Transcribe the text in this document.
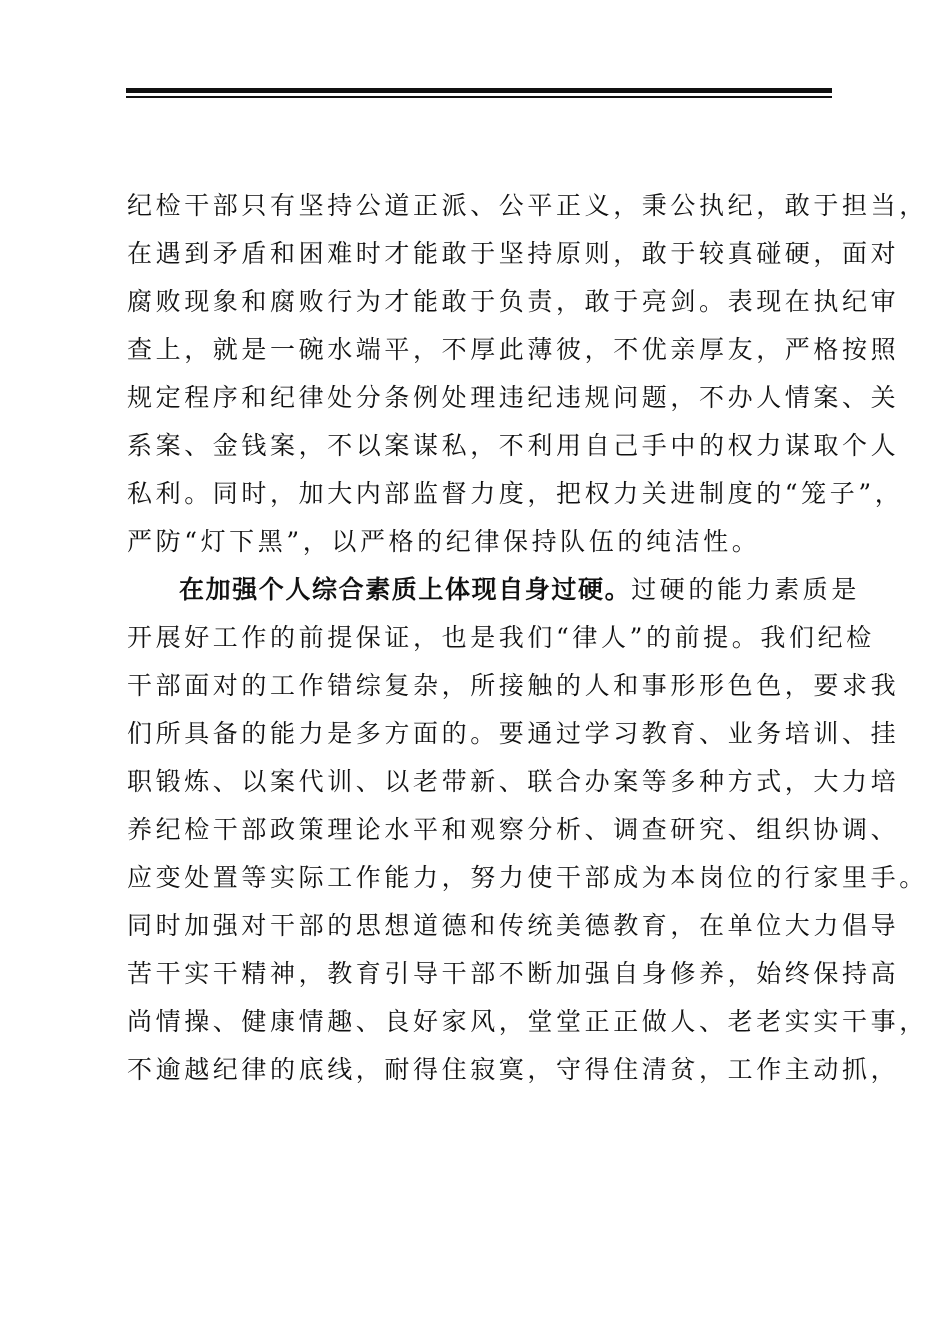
纪检干部只有坚持公道正派、公平正义，秉公执纪，敢于担当，
在遇到矛盾和困难时才能敢于坚持原则，敢于较真碰硬，面对
腐败现象和腐败行为才能敢于负责，敢于亮剑。表现在执纪审
查上，就是一碗水端平，不厚此薄彼，不优亲厚友，严格按照
规定程序和纪律处分条例处理违纪违规问题，不办人情案、关
系案、金钱案，不以案谋私，不利用自己手中的权力谋取个人
私利。同时，加大内部监督力度，把权力关进制度的“笼子”，
严防“灯下黑”，以严格的纪律保持队伍的纯洁性。
在加强个人综合素质上体现自身过硬。过硬的能力素质是
开展好工作的前提保证，也是我们“律人”的前提。我们纪检
干部面对的工作错综复杂，所接触的人和事形形色色，要求我
们所具备的能力是多方面的。要通过学习教育、业务培训、挂
职锻炼、以案代训、以老带新、联合办案等多种方式，大力培
养纪检干部政策理论水平和观察分析、调查研究、组织协调、
应变处置等实际工作能力，努力使干部成为本岗位的行家里手。
同时加强对干部的思想道德和传统美德教育，在单位大力倡导
苦干实干精神，教育引导干部不断加强自身修养，始终保持高
尚情操、健康情趣、良好家风，堂堂正正做人、老老实实干事，
不逾越纪律的底线，耐得住寂寞，守得住清贫，工作主动抓，
